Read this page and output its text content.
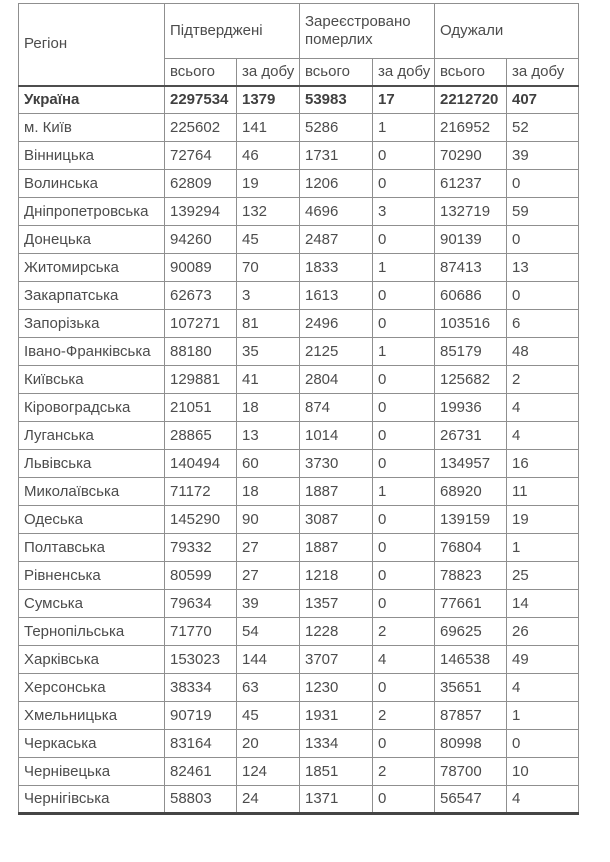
Регіон	Підтверджені		Зареєстровано померлих		Одужали	
	всього	за добу	всього	за добу	всього	за добу
Україна	2297534	1379	53983	17	2212720	407
м. Київ	225602	141	5286	1	216952	52
Вінницька	72764	46	1731	0	70290	39
Волинська	62809	19	1206	0	61237	0
Дніпропетровська	139294	132	4696	3	132719	59
Донецька	94260	45	2487	0	90139	0
Житомирська	90089	70	1833	1	87413	13
Закарпатська	62673	3	1613	0	60686	0
Запорізька	107271	81	2496	0	103516	6
Івано-Франківська	88180	35	2125	1	85179	48
Київська	129881	41	2804	0	125682	2
Кіровоградська	21051	18	874	0	19936	4
Луганська	28865	13	1014	0	26731	4
Львівська	140494	60	3730	0	134957	16
Миколаївська	71172	18	1887	1	68920	11
Одеська	145290	90	3087	0	139159	19
Полтавська	79332	27	1887	0	76804	1
Рівненська	80599	27	1218	0	78823	25
Сумська	79634	39	1357	0	77661	14
Тернопільська	71770	54	1228	2	69625	26
Харківська	153023	144	3707	4	146538	49
Херсонська	38334	63	1230	0	35651	4
Хмельницька	90719	45	1931	2	87857	1
Черкаська	83164	20	1334	0	80998	0
Чернівецька	82461	124	1851	2	78700	10
Чернігівська	58803	24	1371	0	56547	4
